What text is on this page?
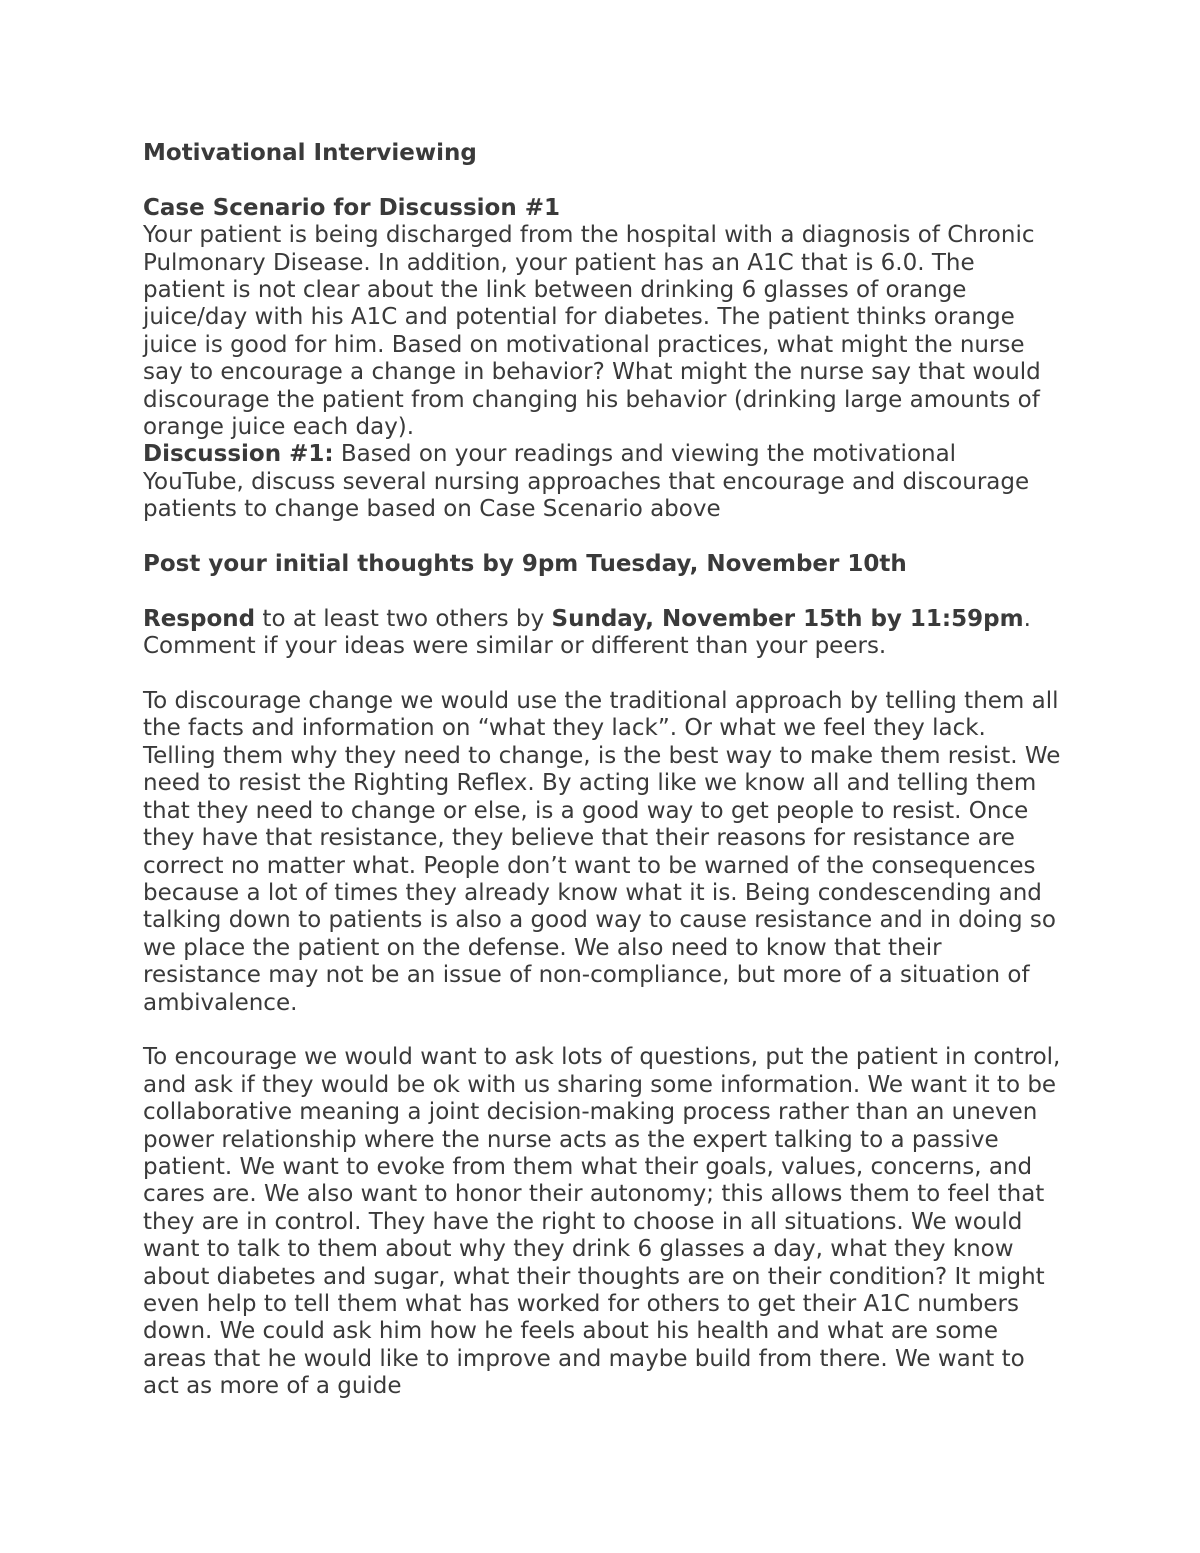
Motivational Interviewing

Case Scenario for Discussion #1

Your patient is being discharged from the hospital with a diagnosis of Chronic Pulmonary Disease. In addition, your patient has an A1C that is 6.0. The patient is not clear about the link between drinking 6 glasses of orange juice/day with his A1C and potential for diabetes. The patient thinks orange juice is good for him. Based on motivational practices, what might the nurse say to encourage a change in behavior? What might the nurse say that would discourage the patient from changing his behavior (drinking large amounts of orange juice each day).

Discussion #1: Based on your readings and viewing the motivational YouTube, discuss several nursing approaches that encourage and discourage patients to change based on Case Scenario above

Post your initial thoughts by 9pm Tuesday, November 10th

Respond to at least two others by Sunday, November 15th by 11:59pm. Comment if your ideas were similar or different than your peers.

To discourage change we would use the traditional approach by telling them all the facts and information on “what they lack”. Or what we feel they lack. Telling them why they need to change, is the best way to make them resist. We need to resist the Righting Reflex. By acting like we know all and telling them that they need to change or else, is a good way to get people to resist. Once they have that resistance, they believe that their reasons for resistance are correct no matter what. People don’t want to be warned of the consequences because a lot of times they already know what it is. Being condescending and talking down to patients is also a good way to cause resistance and in doing so we place the patient on the defense. We also need to know that their resistance may not be an issue of non-compliance, but more of a situation of ambivalence.

To encourage we would want to ask lots of questions, put the patient in control, and ask if they would be ok with us sharing some information. We want it to be collaborative meaning a joint decision-making process rather than an uneven power relationship where the nurse acts as the expert talking to a passive patient. We want to evoke from them what their goals, values, concerns, and cares are. We also want to honor their autonomy; this allows them to feel that they are in control. They have the right to choose in all situations. We would want to talk to them about why they drink 6 glasses a day, what they know about diabetes and sugar, what their thoughts are on their condition? It might even help to tell them what has worked for others to get their A1C numbers down. We could ask him how he feels about his health and what are some areas that he would like to improve and maybe build from there. We want to act as more of a guide
